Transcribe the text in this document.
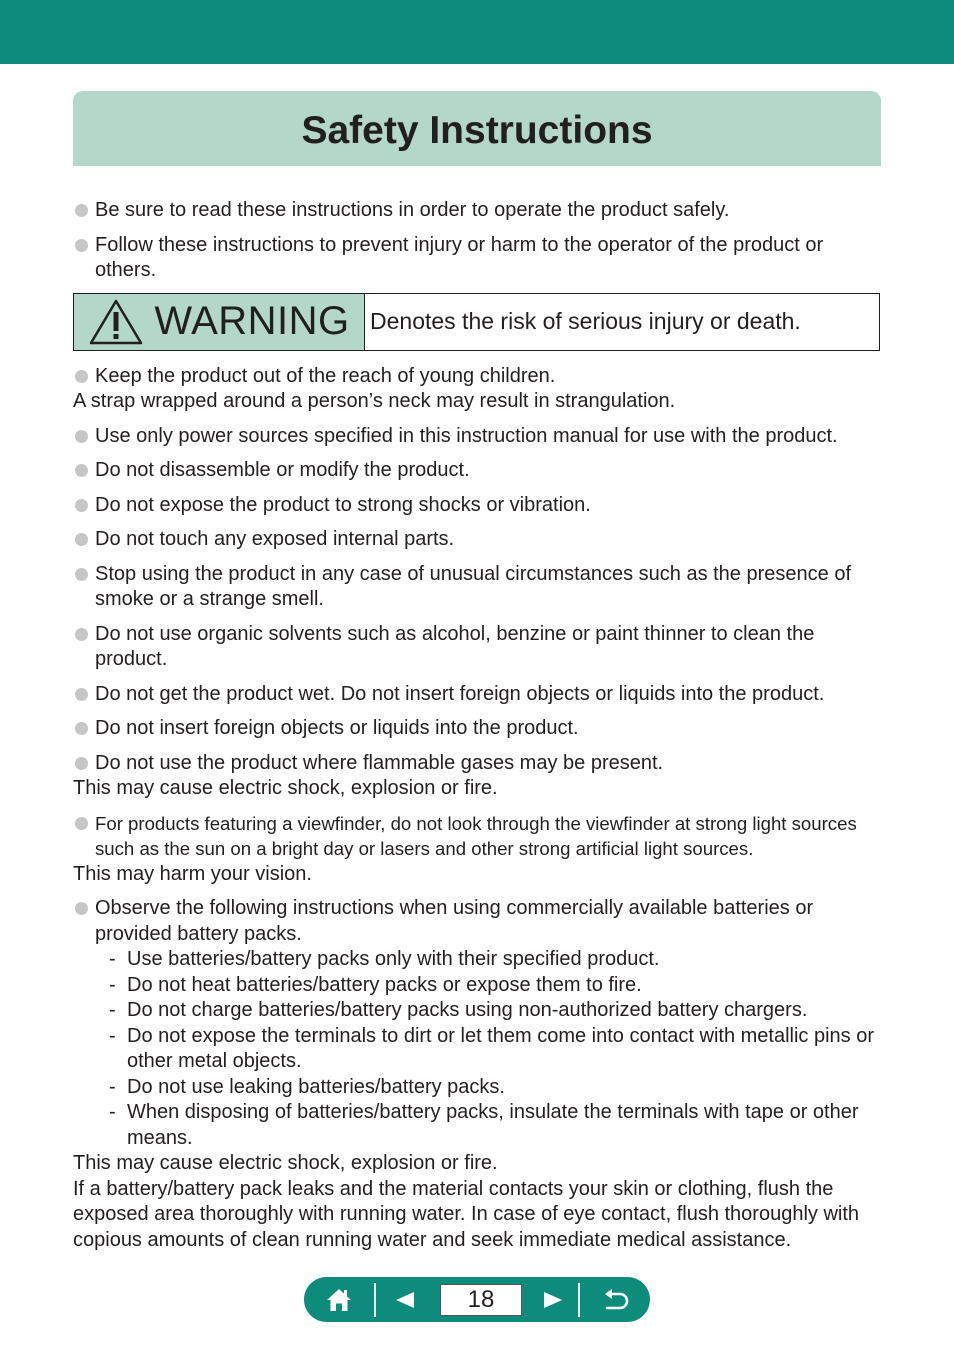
Safety Instructions
Be sure to read these instructions in order to operate the product safely.
Follow these instructions to prevent injury or harm to the operator of the product or others.
WARNING Denotes the risk of serious injury or death.
Keep the product out of the reach of young children.
A strap wrapped around a person’s neck may result in strangulation.
Use only power sources specified in this instruction manual for use with the product.
Do not disassemble or modify the product.
Do not expose the product to strong shocks or vibration.
Do not touch any exposed internal parts.
Stop using the product in any case of unusual circumstances such as the presence of smoke or a strange smell.
Do not use organic solvents such as alcohol, benzine or paint thinner to clean the product.
Do not get the product wet. Do not insert foreign objects or liquids into the product.
Do not insert foreign objects or liquids into the product.
Do not use the product where flammable gases may be present.
This may cause electric shock, explosion or fire.
For products featuring a viewfinder, do not look through the viewfinder at strong light sources such as the sun on a bright day or lasers and other strong artificial light sources.
This may harm your vision.
Observe the following instructions when using commercially available batteries or provided battery packs.
- Use batteries/battery packs only with their specified product.
- Do not heat batteries/battery packs or expose them to fire.
- Do not charge batteries/battery packs using non-authorized battery chargers.
- Do not expose the terminals to dirt or let them come into contact with metallic pins or other metal objects.
- Do not use leaking batteries/battery packs.
- When disposing of batteries/battery packs, insulate the terminals with tape or other means.
This may cause electric shock, explosion or fire.
If a battery/battery pack leaks and the material contacts your skin or clothing, flush the exposed area thoroughly with running water. In case of eye contact, flush thoroughly with copious amounts of clean running water and seek immediate medical assistance.
18
